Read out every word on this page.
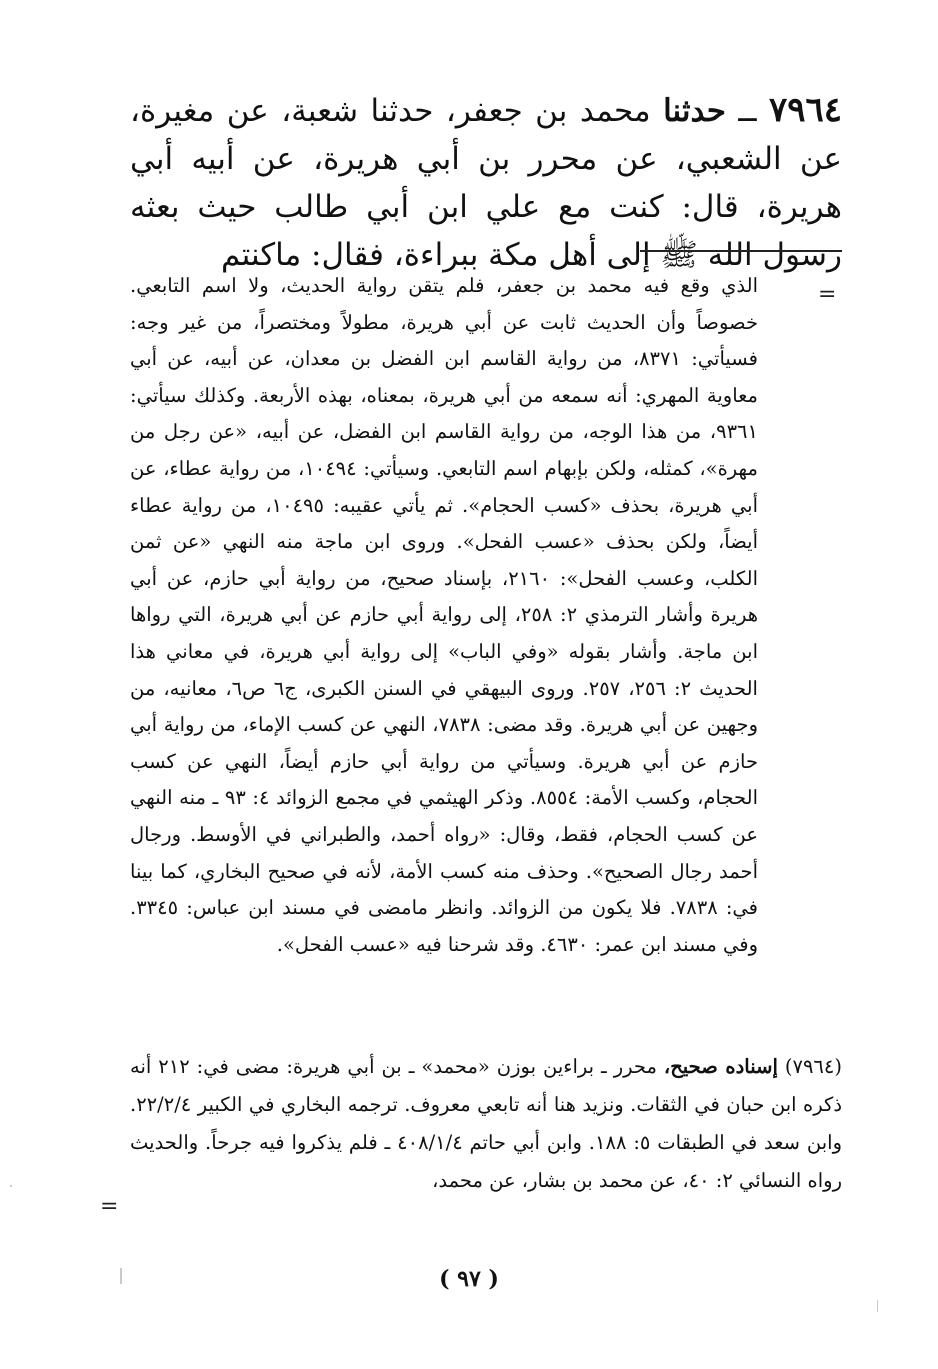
٧٩٦٤ ــ حدثنا محمد بن جعفر، حدثنا شعبة، عن مغيرة، عن الشعبي، عن محرر بن أبي هريرة، عن أبيه أبي هريرة، قال: كنت مع علي ابن أبي طالب حيث بعثه رسول الله ﷺ إلى أهل مكة ببراءة، فقال: ماكنتم
=
الذي وقع فيه محمد بن جعفر، فلم يتقن رواية الحديث، ولا اسم التابعي. خصوصاً وأن الحديث ثابت عن أبي هريرة، مطولاً ومختصراً، من غير وجه: فسيأتي: ٨٣٧١، من رواية القاسم ابن الفضل بن معدان، عن أبيه، عن أبي معاوية المهري: أنه سمعه من أبي هريرة، بمعناه، بهذه الأربعة. وكذلك سيأتي: ٩٣٦١، من هذا الوجه، من رواية القاسم ابن الفضل، عن أبيه، «عن رجل من مهرة»، كمثله، ولكن بإبهام اسم التابعي. وسيأتي: ١٠٤٩٤، من رواية عطاء، عن أبي هريرة، بحذف «كسب الحجام». ثم يأتي عقيبه: ١٠٤٩٥، من رواية عطاء أيضاً، ولكن بحذف «عسب الفحل». وروى ابن ماجة منه النهي «عن ثمن الكلب، وعسب الفحل»: ٢١٦٠، بإسناد صحيح، من رواية أبي حازم، عن أبي هريرة وأشار الترمذي ٢: ٢٥٨، إلى رواية أبي حازم عن أبي هريرة، التي رواها ابن ماجة. وأشار بقوله «وفي الباب» إلى رواية أبي هريرة، في معاني هذا الحديث ٢: ٢٥٦، ٢٥٧. وروى البيهقي في السنن الكبرى، ج٦ ص٦، معانيه، من وجهين عن أبي هريرة. وقد مضى: ٧٨٣٨، النهي عن كسب الإماء، من رواية أبي حازم عن أبي هريرة. وسيأتي من رواية أبي حازم أيضاً، النهي عن كسب الحجام، وكسب الأمة: ٨٥٥٤. وذكر الهيثمي في مجمع الزوائد ٤: ٩٣ ـ منه النهي عن كسب الحجام، فقط، وقال: «رواه أحمد، والطبراني في الأوسط. ورجال أحمد رجال الصحيح». وحذف منه كسب الأمة، لأنه في صحيح البخاري، كما بينا في: ٧٨٣٨. فلا يكون من الزوائد. وانظر مامضى في مسند ابن عباس: ٣٣٤٥. وفي مسند ابن عمر: ٤٦٣٠. وقد شرحنا فيه «عسب الفحل».
(٧٩٦٤) إسناده صحيح، محرر ـ براءين بوزن «محمد» ـ بن أبي هريرة: مضى في: ٢١٢ أنه ذكره ابن حبان في الثقات. ونزيد هنا أنه تابعي معروف. ترجمه البخاري في الكبير ٢٢/٢/٤. وابن سعد في الطبقات ٥: ١٨٨. وابن أبي حاتم ٤٠٨/١/٤ ـ فلم يذكروا فيه جرحاً. والحديث رواه النسائي ٢: ٤٠، عن محمد بن بشار، عن محمد،
=
( ٩٧ )
